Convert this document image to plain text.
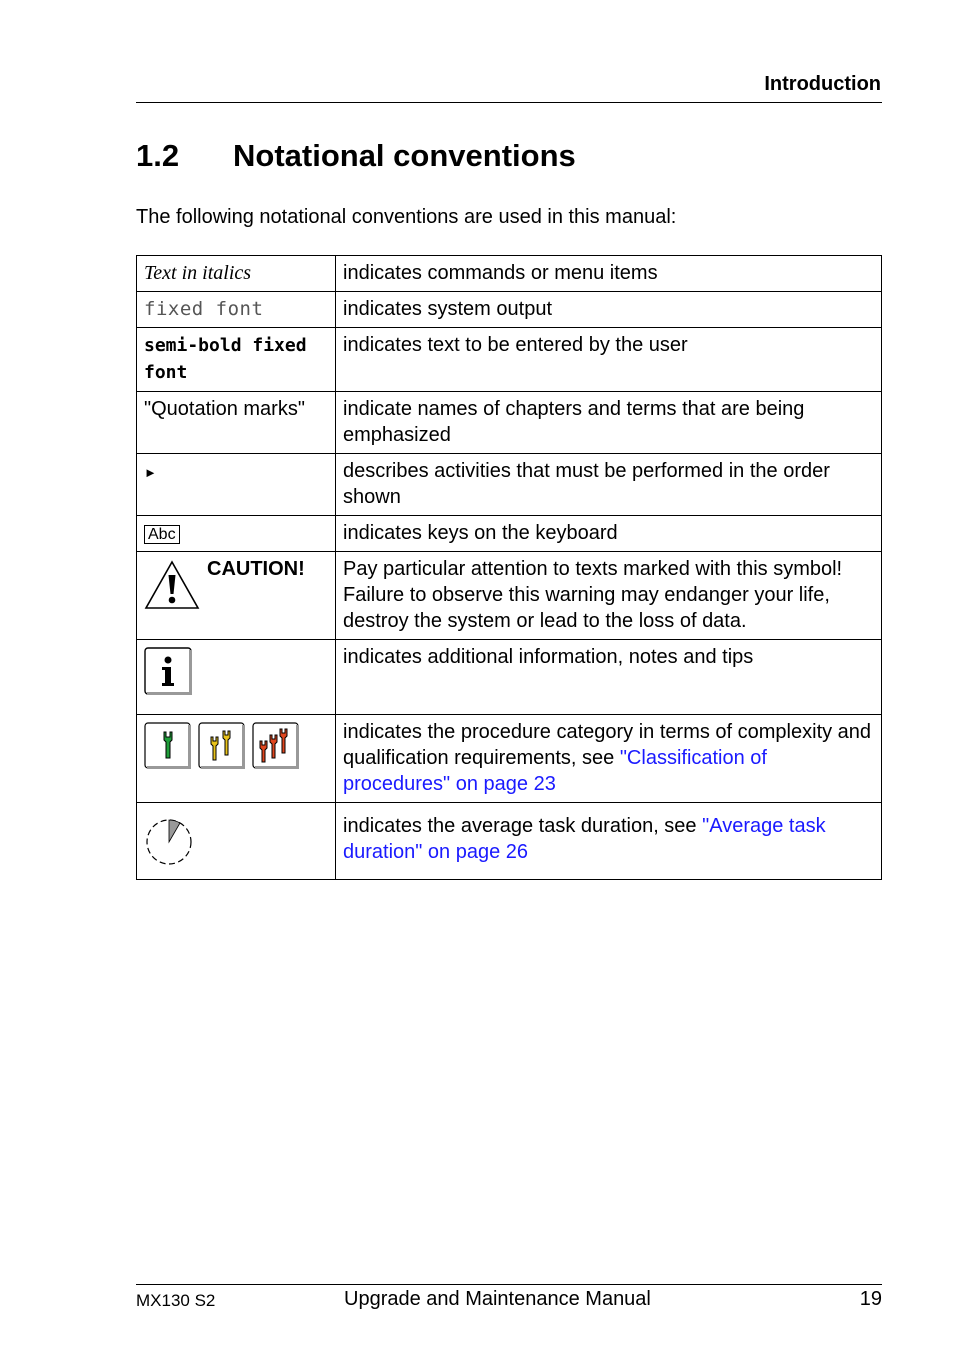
Introduction
1.2 Notational conventions
The following notational conventions are used in this manual:
Text in italics	indicates commands or menu items
fixed font	indicates system output
semi-bold fixed font	indicates text to be entered by the user
"Quotation marks"	indicate names of chapters and terms that are being emphasized
►	describes activities that must be performed in the order shown
Abc	indicates keys on the keyboard

CAUTION!	Pay particular attention to texts marked with this symbol! Failure to observe this warning may endanger your life, destroy the system or lead to the loss of data.
	indicates additional information, notes and tips
	indicates the procedure category in terms of complexity and qualification requirements, see "Classification of procedures" on page 23
	indicates the average task duration, see "Average task duration" on page 26
MX130 S2	Upgrade and Maintenance Manual	19
